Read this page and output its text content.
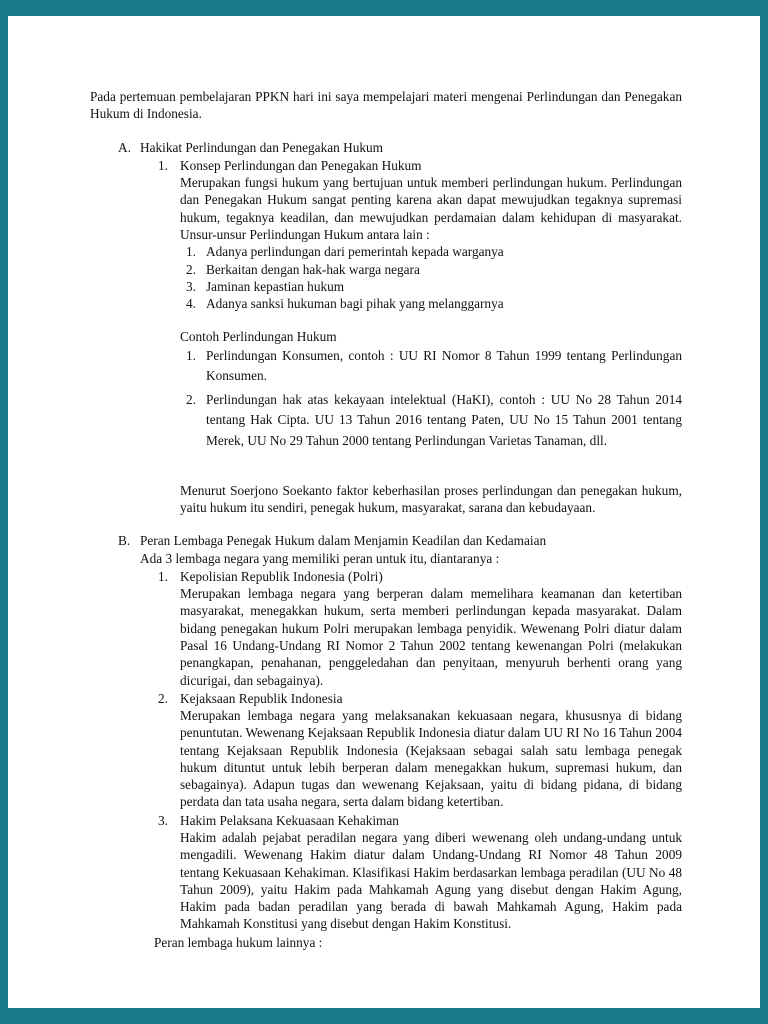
Pada pertemuan pembelajaran PPKN hari ini saya mempelajari materi mengenai Perlindungan dan Penegakan Hukum di Indonesia.

A. Hakikat Perlindungan dan Penegakan Hukum
1. Konsep Perlindungan dan Penegakan Hukum

Merupakan fungsi hukum yang bertujuan untuk memberi perlindungan hukum. Perlindungan dan Penegakan Hukum sangat penting karena akan dapat mewujudkan tegaknya supremasi hukum, tegaknya keadilan, dan mewujudkan perdamaian dalam kehidupan di masyarakat. Unsur-unsur Perlindungan Hukum antara lain :

1. Adanya perlindungan dari pemerintah kepada warganya
2. Berkaitan dengan hak-hak warga negara
3. Jaminan kepastian hukum
4. Adanya sanksi hukuman bagi pihak yang melanggarnya
Contoh Perlindungan Hukum
1. Perlindungan Konsumen, contoh : UU RI Nomor 8 Tahun 1999 tentang Perlindungan Konsumen.
2. Perlindungan hak atas kekayaan intelektual (HaKI), contoh : UU No 28 Tahun 2014 tentang Hak Cipta. UU 13 Tahun 2016 tentang Paten, UU No 15 Tahun 2001 tentang Merek, UU No 29 Tahun 2000 tentang Perlindungan Varietas Tanaman, dll.

Menurut Soerjono Soekanto faktor keberhasilan proses perlindungan dan penegakan hukum, yaitu hukum itu sendiri, penegak hukum, masyarakat, sarana dan kebudayaan.

B. Peran Lembaga Penegak Hukum dalam Menjamin Keadilan dan Kedamaian
Ada 3 lembaga negara yang memiliki peran untuk itu, diantaranya :
1. Kepolisian Republik Indonesia (Polri)

Merupakan lembaga negara yang berperan dalam memelihara keamanan dan ketertiban masyarakat, menegakkan hukum, serta memberi perlindungan kepada masyarakat. Dalam bidang penegakan hukum Polri merupakan lembaga penyidik. Wewenang Polri diatur dalam Pasal 16 Undang-Undang RI Nomor 2 Tahun 2002 tentang kewenangan Polri (melakukan penangkapan, penahanan, penggeledahan dan penyitaan, menyuruh berhenti orang yang dicurigai, dan sebagainya).

2. Kejaksaan Republik Indonesia

Merupakan lembaga negara yang melaksanakan kekuasaan negara, khususnya di bidang penuntutan. Wewenang Kejaksaan Republik Indonesia diatur dalam UU RI No 16 Tahun 2004 tentang Kejaksaan Republik Indonesia (Kejaksaan sebagai salah satu lembaga penegak hukum dituntut untuk lebih berperan dalam menegakkan hukum, supremasi hukum, dan sebagainya). Adapun tugas dan wewenang Kejaksaan, yaitu di bidang pidana, di bidang perdata dan tata usaha negara, serta dalam bidang ketertiban.

3. Hakim Pelaksana Kekuasaan Kehakiman

Hakim adalah pejabat peradilan negara yang diberi wewenang oleh undang-undang untuk mengadili. Wewenang Hakim diatur dalam Undang-Undang RI Nomor 48 Tahun 2009 tentang Kekuasaan Kehakiman. Klasifikasi Hakim berdasarkan lembaga peradilan (UU No 48 Tahun 2009), yaitu Hakim pada Mahkamah Agung yang disebut dengan Hakim Agung, Hakim pada badan peradilan yang berada di bawah Mahkamah Agung, Hakim pada Mahkamah Konstitusi yang disebut dengan Hakim Konstitusi.

Peran lembaga hukum lainnya :
